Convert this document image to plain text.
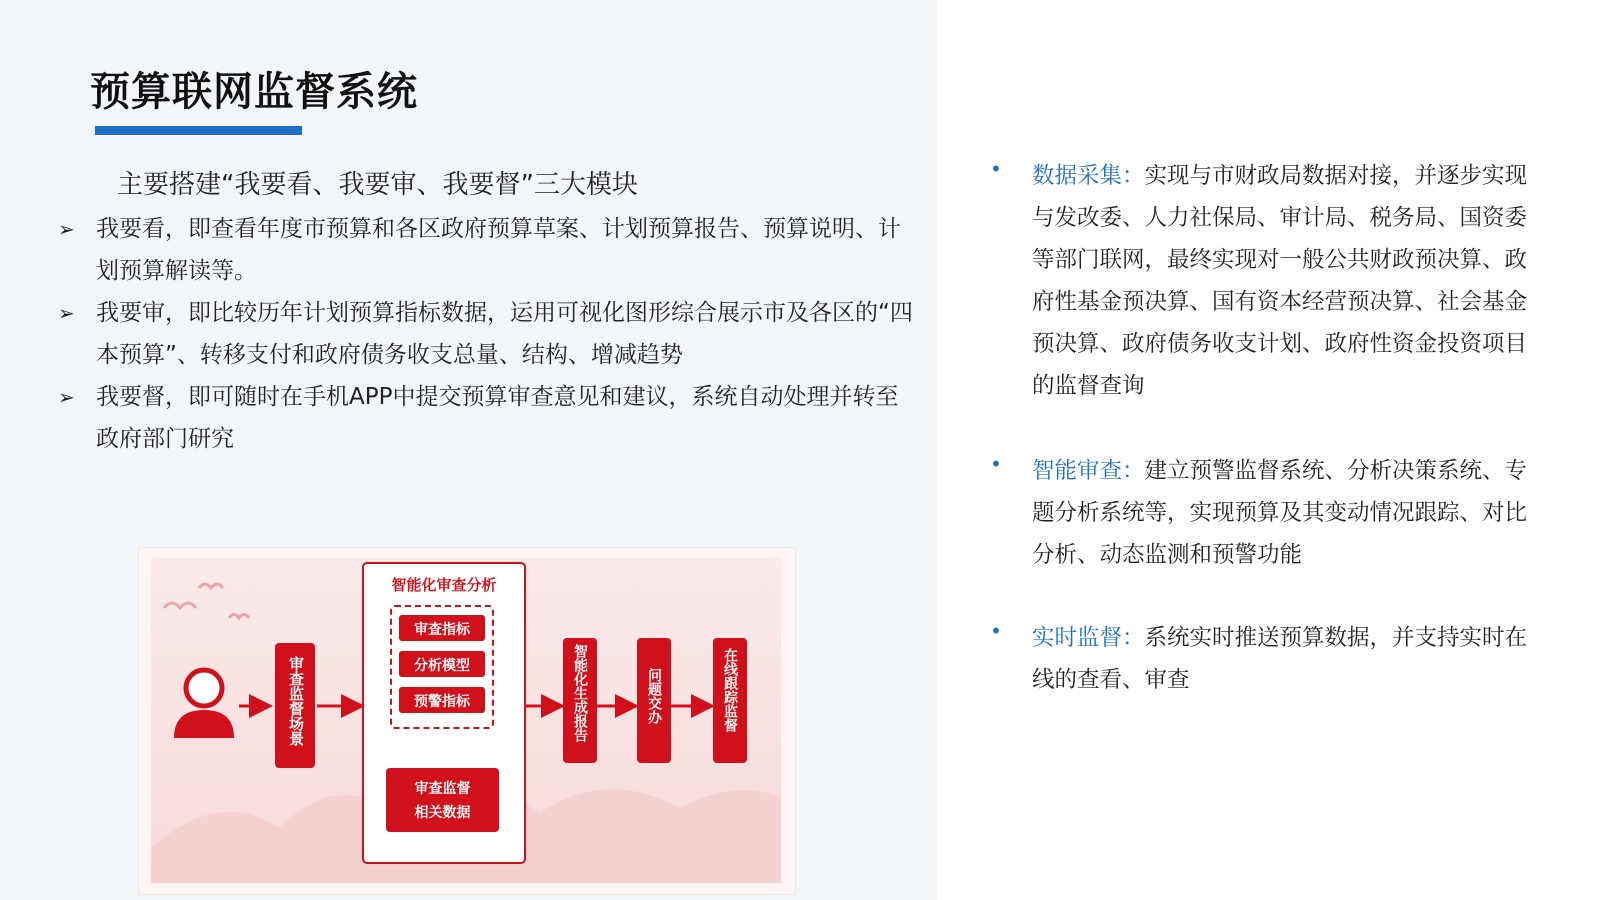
预算联网监督系统
主要搭建“我要看、我要审、我要督”三大模块
➢ 我要看，即查看年度市预算和各区政府预算草案、计划预算报告、预算说明、计划预算解读等。
➢ 我要审，即比较历年计划预算指标数据，运用可视化图形综合展示市及各区的“四本预算”、转移支付和政府债务收支总量、结构、增减趋势
➢ 我要督，即可随时在手机APP中提交预算审查意见和建议，系统自动处理并转至政府部门研究
审查监督场景
智能化审查分析
审查指标
分析模型
预警指标
审查监督
相关数据
智能化生成报告	问题交办	在线跟踪监督
• 数据采集：实现与市财政局数据对接，并逐步实现与发改委、人力社保局、审计局、税务局、国资委等部门联网，最终实现对一般公共财政预决算、政府性基金预决算、国有资本经营预决算、社会基金预决算、政府债务收支计划、政府性资金投资项目的监督查询
• 智能审查：建立预警监督系统、分析决策系统、专题分析系统等，实现预算及其变动情况跟踪、对比分析、动态监测和预警功能
• 实时监督：系统实时推送预算数据，并支持实时在线的查看、审查
